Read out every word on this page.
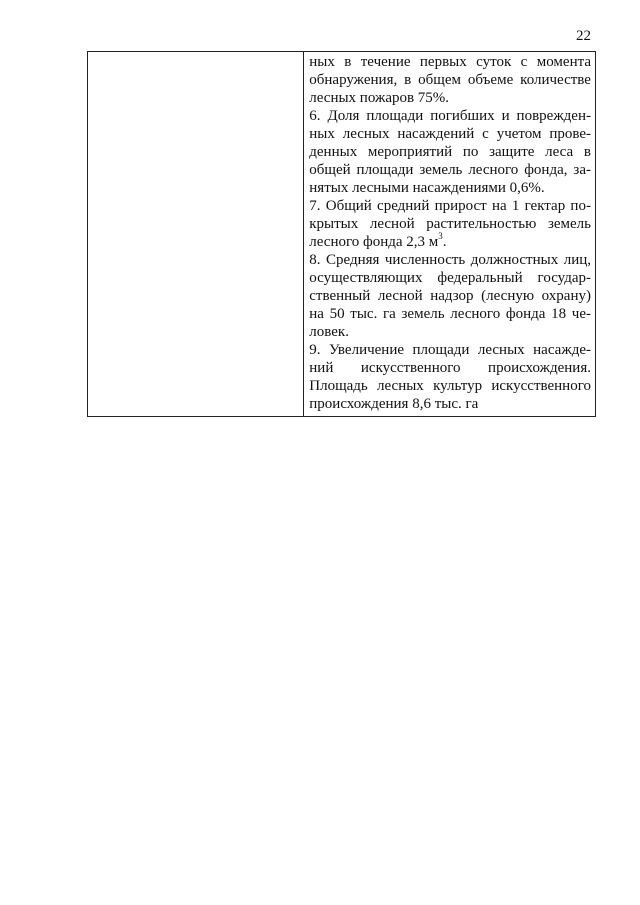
22
ных в течение первых суток с момента
обнаружения, в общем объеме количестве
лесных пожаров 75%.
6. Доля площади погибших и поврежден-
ных лесных насаждений с учетом прове-
денных мероприятий по защите леса в
общей площади земель лесного фонда, за-
нятых лесными насаждениями 0,6%.
7. Общий средний прирост на 1 гектар по-
крытых лесной растительностью земель
лесного фонда 2,3 $м^3$.
8. Средняя численность должностных лиц,
осуществляющих федеральный государ-
ственный лесной надзор (лесную охрану)
на 50 тыс. га земель лесного фонда 18 че-
ловек.
9. Увеличение площади лесных насажде-
ний искусственного происхождения.
Площадь лесных культур искусственного
происхождения 8,6 тыс. га
